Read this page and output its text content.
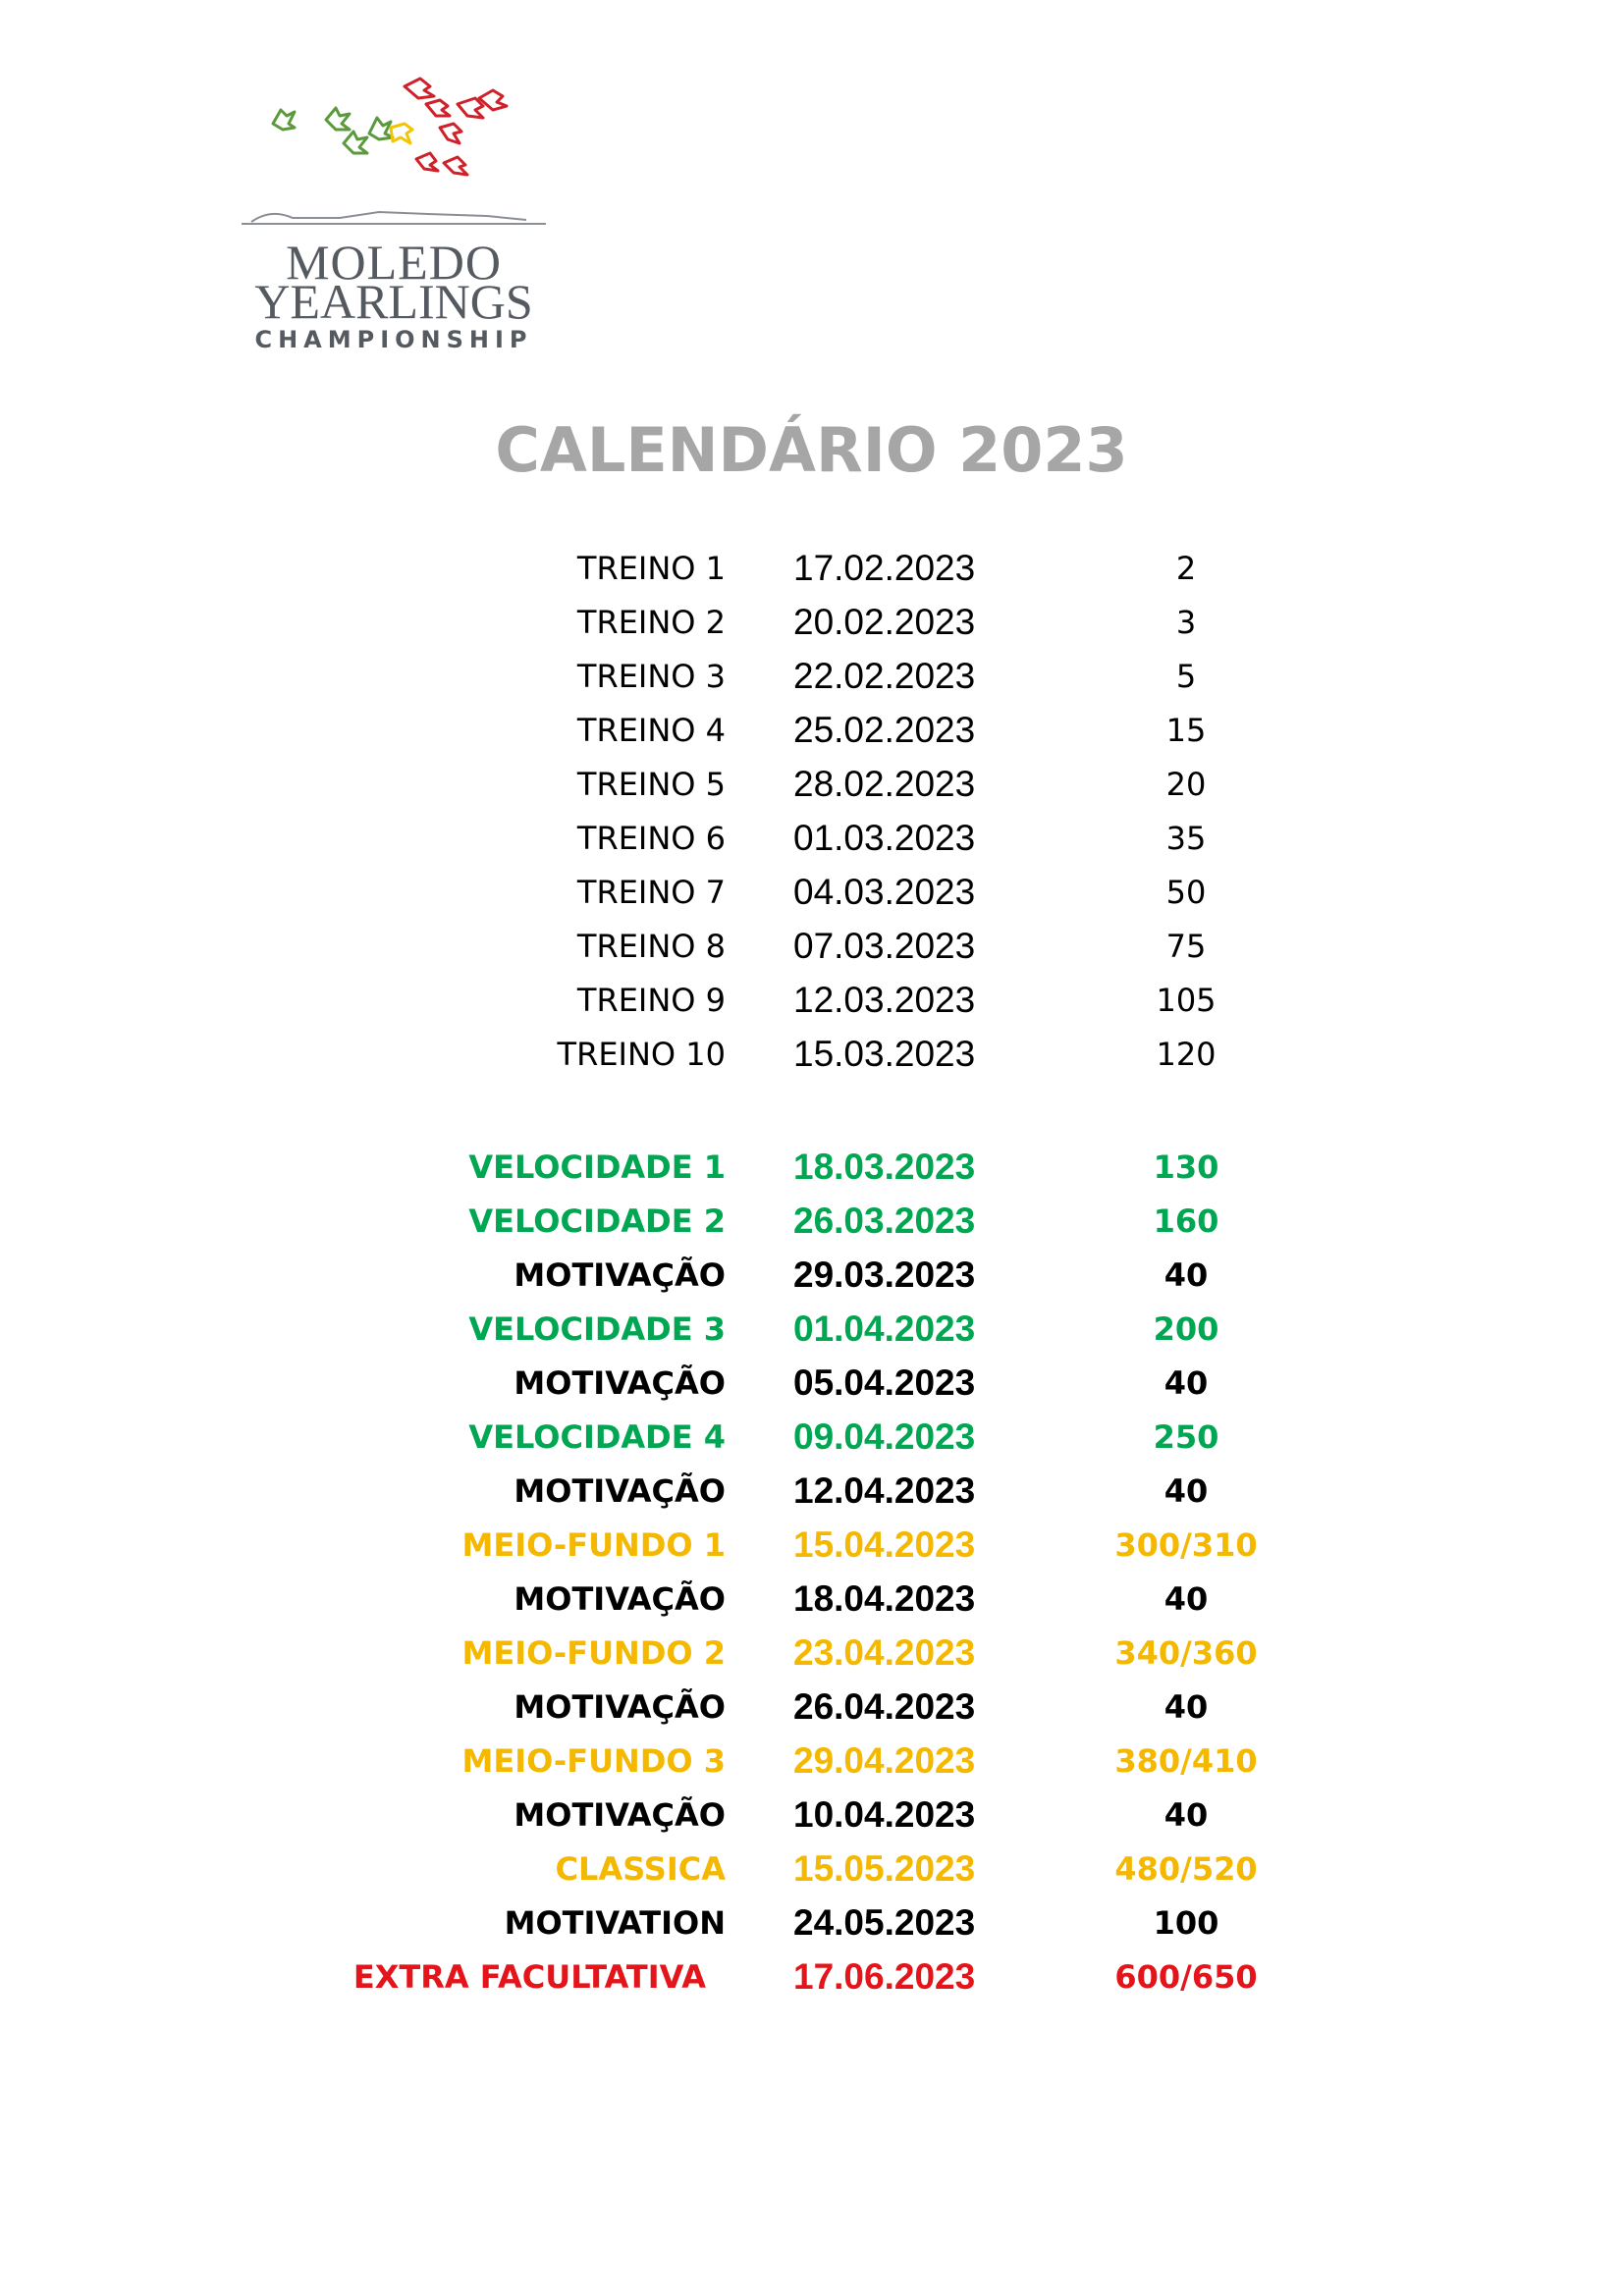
MOLEDO
YEARLINGS
CHAMPIONSHIP
CALENDÁRIO 2023
TREINO 1 17.02.2023	2
TREINO 2 20.02.2023	3
TREINO 3 22.02.2023	5
TREINO 4 25.02.2023	15
TREINO 5 28.02.2023	20
TREINO 6 01.03.2023	35
TREINO 7 04.03.2023	50
TREINO 8 07.03.2023	75
TREINO 9 12.03.2023	105
TREINO 10 15.03.2023	120
VELOCIDADE 1 18.03.2023	130
VELOCIDADE 2 26.03.2023	160
MOTIVAÇÃO 29.03.2023	40
VELOCIDADE 3 01.04.2023	200
MOTIVAÇÃO 05.04.2023	40
VELOCIDADE 4 09.04.2023	250
MOTIVAÇÃO 12.04.2023	40
MEIO-FUNDO 1 15.04.2023	300/310
MOTIVAÇÃO 18.04.2023	40
MEIO-FUNDO 2 23.04.2023	340/360
MOTIVAÇÃO 26.04.2023	40
MEIO-FUNDO 3 29.04.2023	380/410
MOTIVAÇÃO 10.04.2023	40
CLASSICA 15.05.2023	480/520
MOTIVATION 24.05.2023	100
EXTRA FACULTATIVA 17.06.2023	600/650
